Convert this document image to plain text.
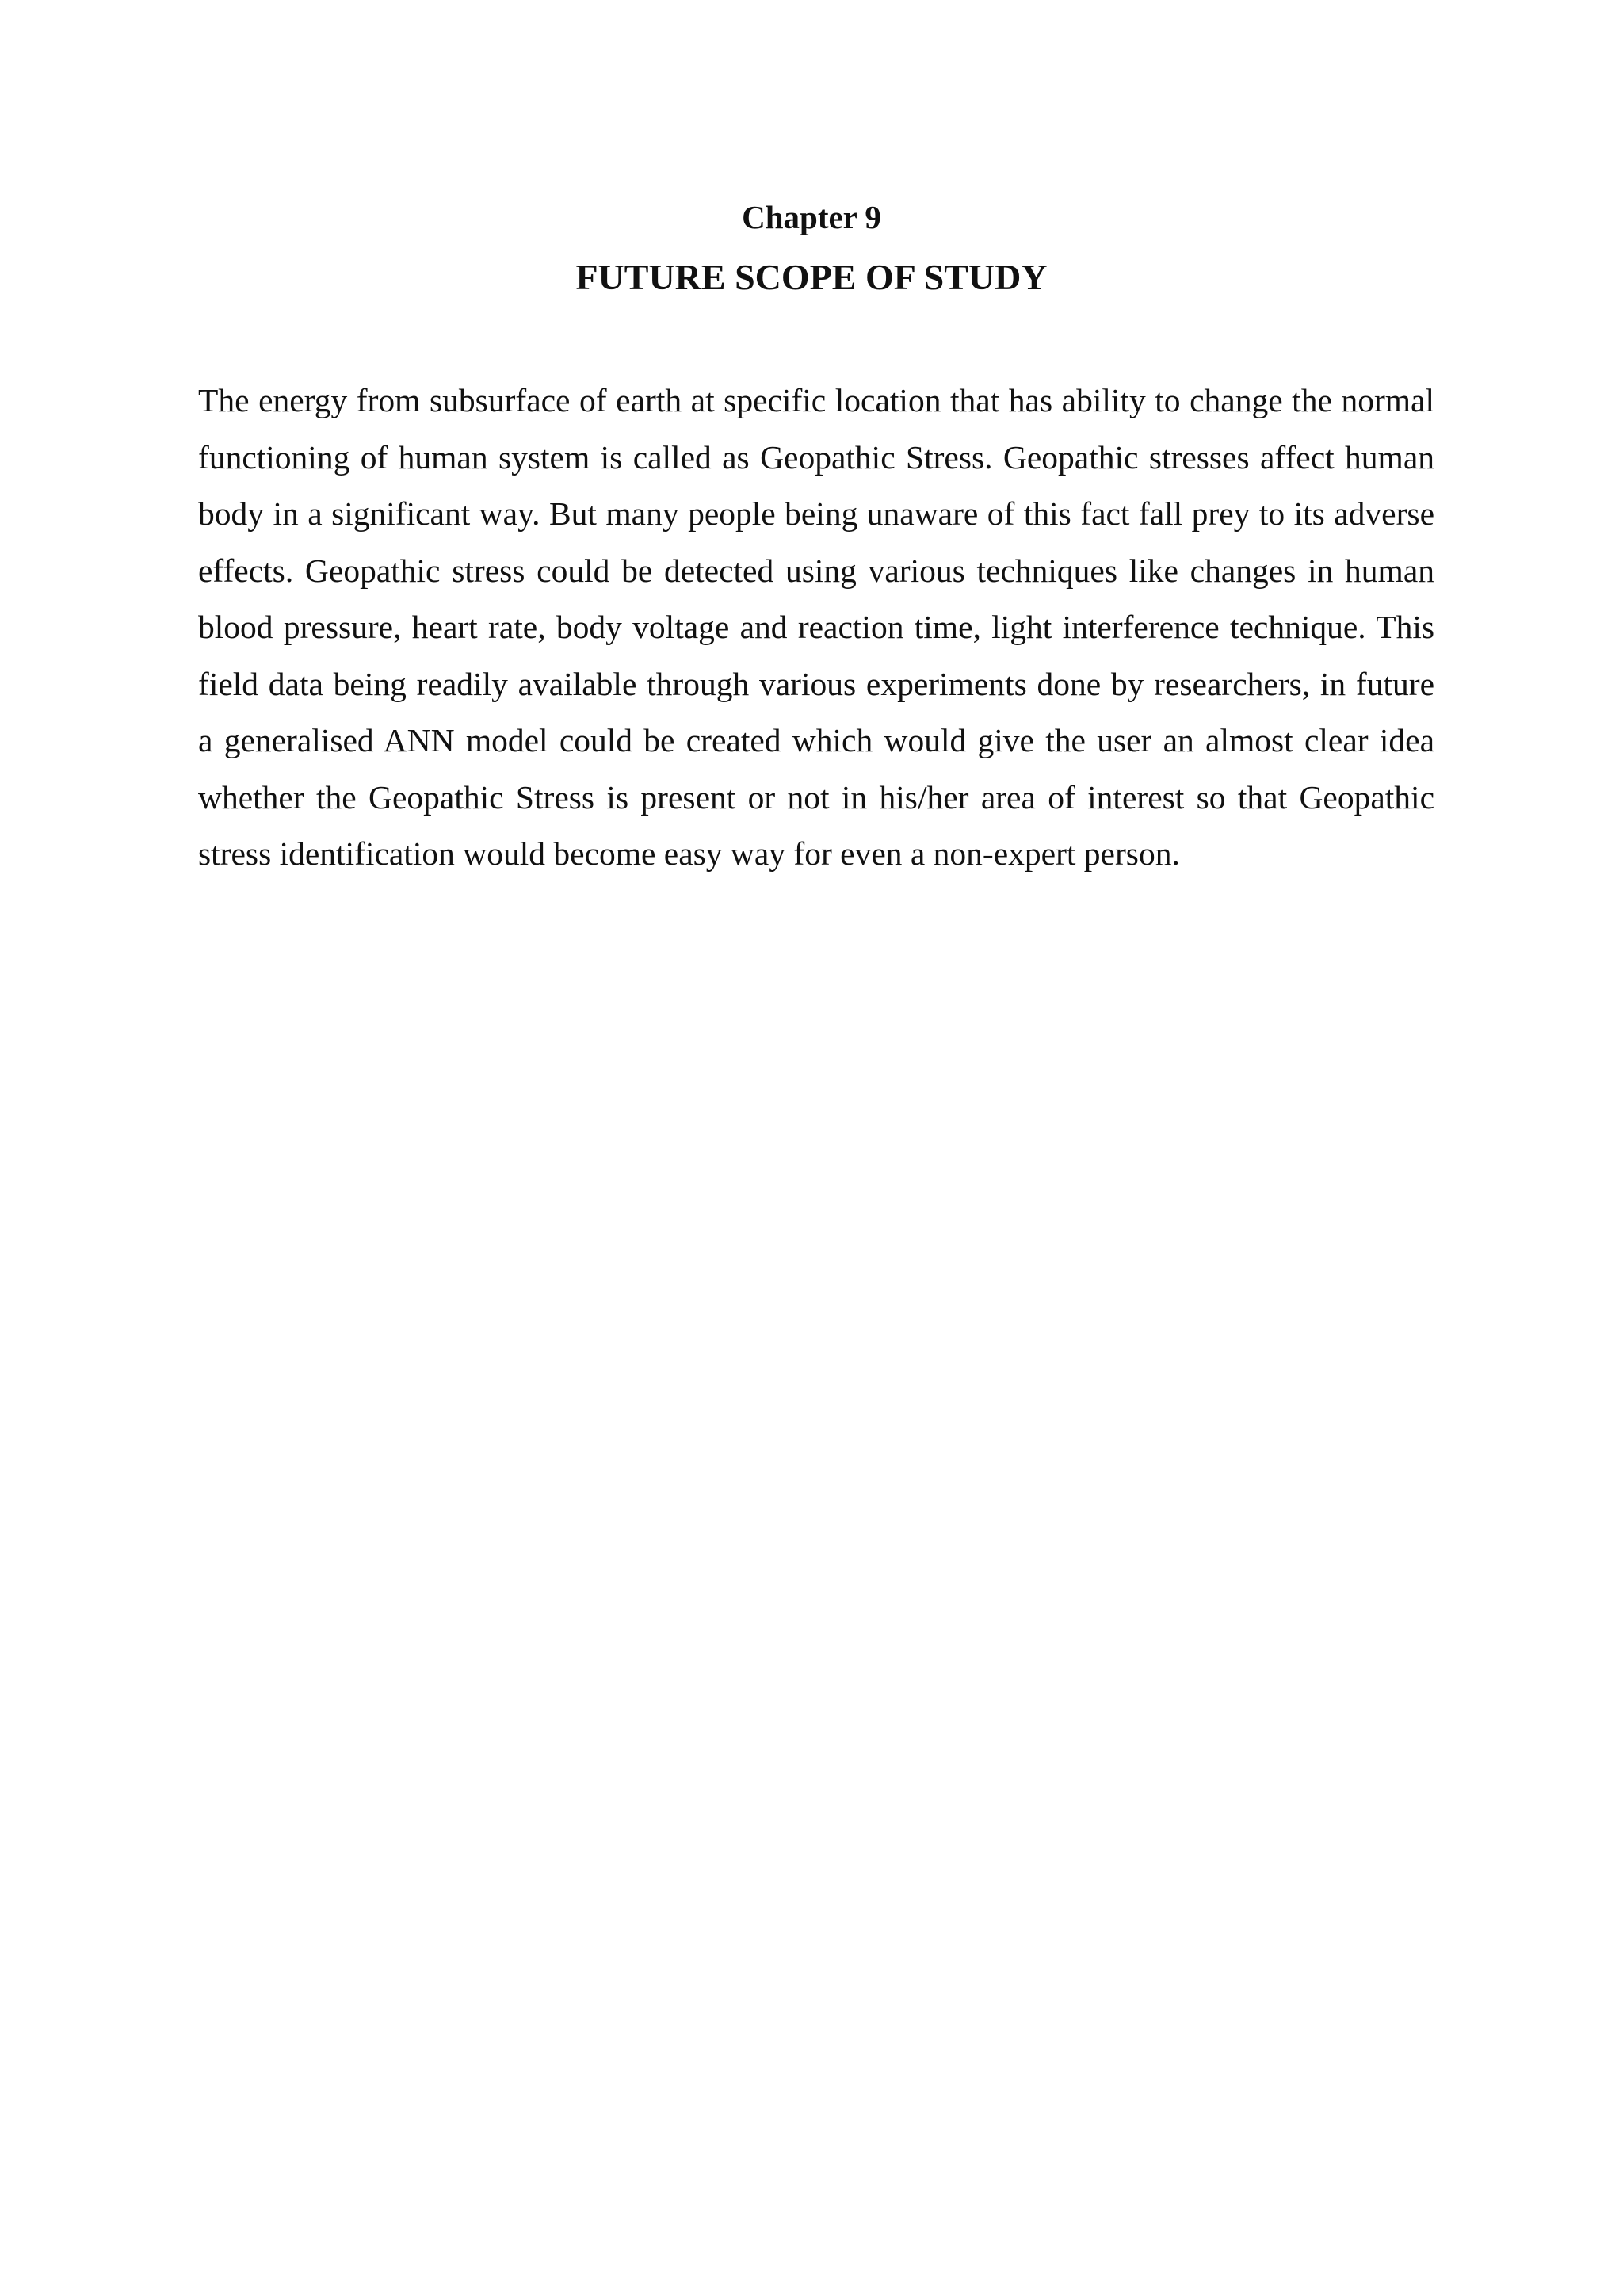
Chapter 9
FUTURE SCOPE OF STUDY

The energy from subsurface of earth at specific location that has ability to change the normal functioning of human system is called as Geopathic Stress. Geopathic stresses affect human body in a significant way. But many people being unaware of this fact fall prey to its adverse effects. Geopathic stress could be detected using various techniques like changes in human blood pressure, heart rate, body voltage and reaction time, light interference technique. This field data being readily available through various experiments done by researchers, in future a generalised ANN model could be created which would give the user an almost clear idea whether the Geopathic Stress is present or not in his/her area of interest so that Geopathic stress identification would become easy way for even a non-expert person.
